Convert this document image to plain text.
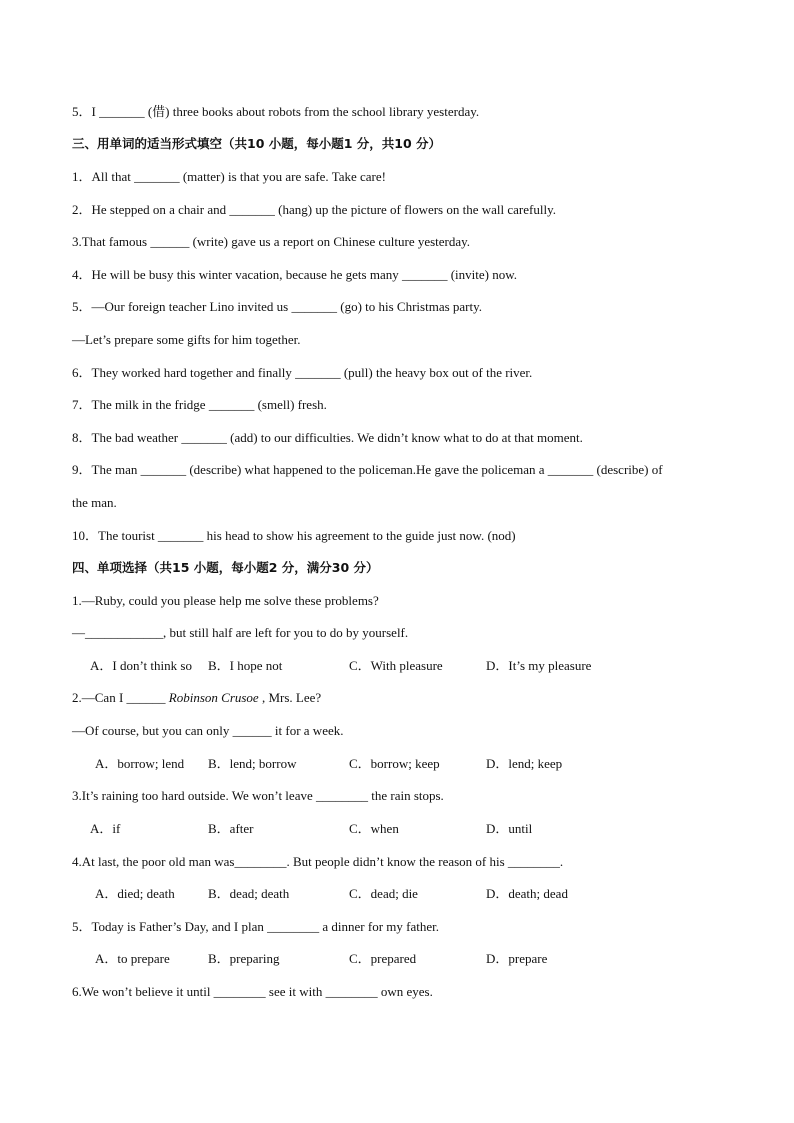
5．I _______ (借) three books about robots from the school library yesterday.
三、用单词的适当形式填空（共10 小题，每小题1 分，共10 分）
1．All that _______ (matter) is that you are safe. Take care!
2．He stepped on a chair and _______ (hang) up the picture of flowers on the wall carefully.
3.That famous ______ (write) gave us a report on Chinese culture yesterday.
4．He will be busy this winter vacation, because he gets many _______ (invite) now.
5．—Our foreign teacher Lino invited us _______ (go) to his Christmas party.
—Let’s prepare some gifts for him together.
6．They worked hard together and finally _______ (pull) the heavy box out of the river.
7．The milk in the fridge _______ (smell) fresh.
8．The bad weather _______ (add) to our difficulties. We didn’t know what to do at that moment.
9．The man _______ (describe) what happened to the policeman.He gave the policeman a _______ (describe) of
the man.
10．The tourist _______ his head to show his agreement to the guide just now. (nod)
四、单项选择（共15 小题，每小题2 分，满分30 分）
1.—Ruby, could you please help me solve these problems?
—____________, but still half are left for you to do by yourself.
A．I don’t think so B．I hope not	C．With pleasure	D．It’s my pleasure
2.—Can I ______ Robinson Crusoe , Mrs. Lee?
—Of course, but you can only ______ it for a week.
A．borrow; lend B．lend; borrow	C．borrow; keep	D．lend; keep
3.It’s raining too hard outside. We won’t leave ________ the rain stops.
A．if	B．after	C．when	D．until
4.At last, the poor old man was________. But people didn’t know the reason of his ________.
A．died; death	B．dead; death	C．dead; die	D．death; dead
5．Today is Father’s Day, and I plan ________ a dinner for my father.
A．to prepare	B．preparing	C．prepared	D．prepare
6.We won’t believe it until ________ see it with ________ own eyes.
